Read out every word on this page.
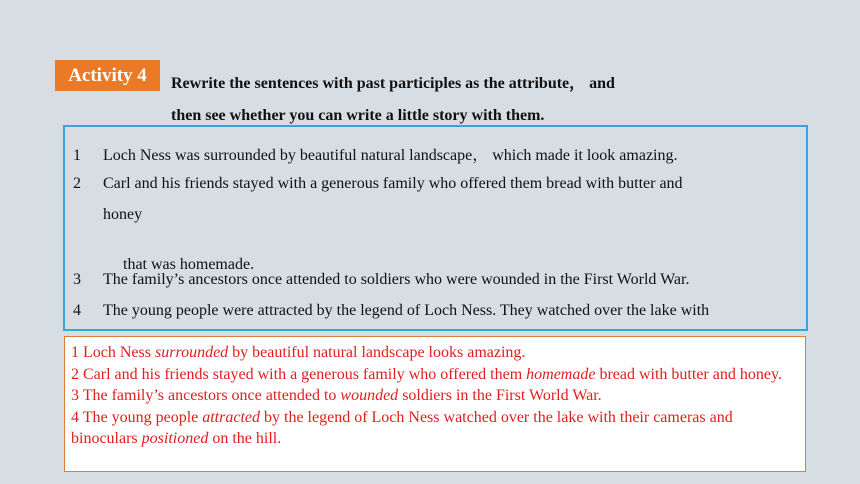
Activity 4	Rewrite the sentences with past participles as the attribute， and
then see whether you can write a little story with them.
1 Loch Ness was surrounded by beautiful natural landscape， which made it look amazing.
2 Carl and his friends stayed with a generous family who offered them bread with butter and
honey

that was homemade.

3 The family’s ancestors once attended to soldiers who were wounded in the First World War.
4 The young people were attracted by the legend of Loch Ness. They watched over the lake with

1 Loch Ness surrounded by beautiful natural landscape looks amazing.

2 Carl and his friends stayed with a generous family who offered them homemade bread with butter and honey.

3 The family’s ancestors once attended to wounded soldiers in the First World War.

4 The young people attracted by the legend of Loch Ness watched over the lake with their cameras and binoculars positioned on the hill.
